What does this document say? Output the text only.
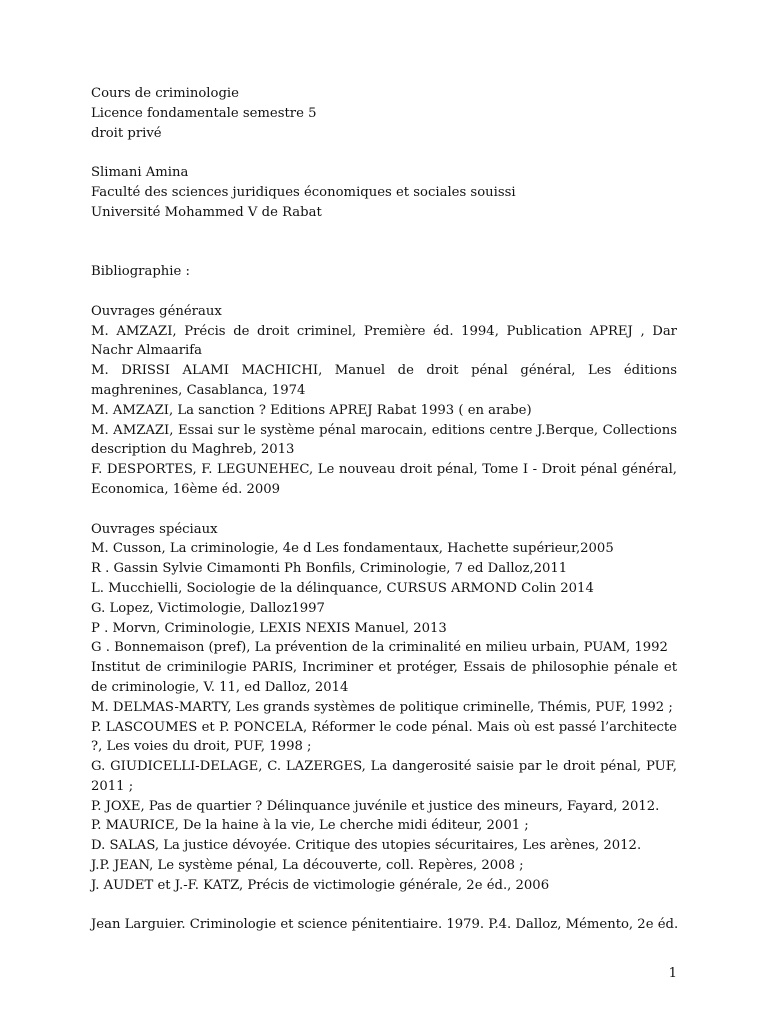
Cours de criminologie
Licence fondamentale semestre 5
droit privé
Slimani Amina
Faculté des sciences juridiques économiques et sociales souissi
Université Mohammed V de Rabat
Bibliographie :
Ouvrages généraux
M. AMZAZI, Précis de droit criminel, Première éd. 1994, Publication APREJ , Dar Nachr Almaarifa
M. DRISSI ALAMI MACHICHI, Manuel de droit pénal général, Les éditions maghrenines, Casablanca, 1974
M. AMZAZI, La sanction ? Editions APREJ Rabat 1993 ( en arabe)
M. AMZAZI, Essai sur le système pénal marocain, editions centre J.Berque, Collections description du Maghreb, 2013
F. DESPORTES, F. LEGUNEHEC, Le nouveau droit pénal, Tome I - Droit pénal général, Economica, 16ème éd. 2009
Ouvrages spéciaux
M. Cusson, La criminologie, 4e d Les fondamentaux, Hachette supérieur,2005
R . Gassin Sylvie Cimamonti Ph Bonfils, Criminologie, 7 ed Dalloz,2011
L. Mucchielli, Sociologie de la délinquance, CURSUS ARMOND Colin 2014
G. Lopez, Victimologie, Dalloz1997
P . Morvn, Criminologie, LEXIS NEXIS Manuel, 2013
G . Bonnemaison (pref), La prévention de la criminalité en milieu urbain, PUAM, 1992
Institut de criminilogie PARIS, Incriminer et protéger, Essais de philosophie pénale et de criminologie, V. 11, ed Dalloz, 2014
M. DELMAS-MARTY, Les grands systèmes de politique criminelle, Thémis, PUF, 1992 ;
P. LASCOUMES et P. PONCELA, Réformer le code pénal. Mais où est passé l’architecte ?, Les voies du droit, PUF, 1998 ;
G. GIUDICELLI-DELAGE, C. LAZERGES, La dangerosité saisie par le droit pénal, PUF, 2011 ;
P. JOXE, Pas de quartier ? Délinquance juvénile et justice des mineurs, Fayard, 2012.
P. MAURICE, De la haine à la vie, Le cherche midi éditeur, 2001 ;
D. SALAS, La justice dévoyée. Critique des utopies sécuritaires, Les arènes, 2012.
J.P. JEAN, Le système pénal, La découverte, coll. Repères, 2008 ;
J. AUDET et J.-F. KATZ, Précis de victimologie générale, 2e éd., 2006
Jean Larguier. Criminologie et science pénitentiaire. 1979. P.4. Dalloz, Mémento, 2e éd.
1
